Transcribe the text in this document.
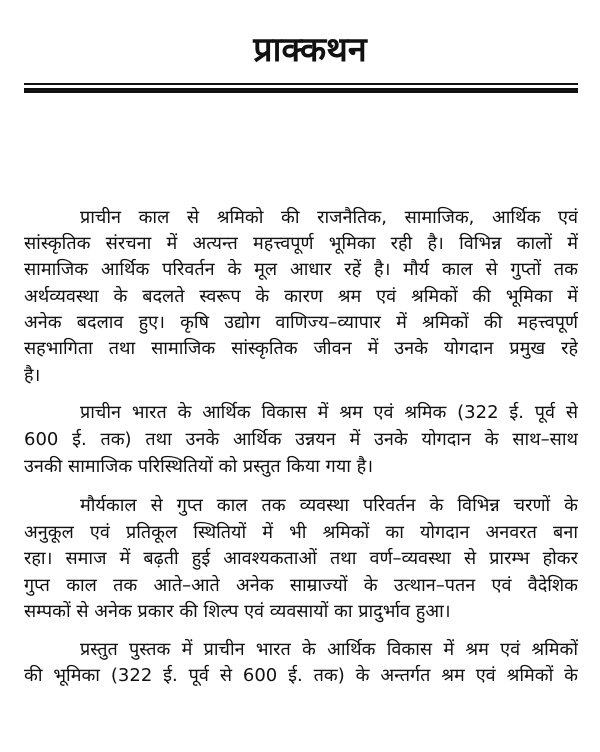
प्राक्कथन
प्राचीन काल से श्रमिको की राजनैतिक, सामाजिक, आर्थिक एवं
सांस्कृतिक संरचना में अत्यन्त महत्त्वपूर्ण भूमिका रही है। विभिन्न कालों में
सामाजिक आर्थिक परिवर्तन के मूल आधार रहें है। मौर्य काल से गुप्तों तक
अर्थव्यवस्था के बदलते स्वरूप के कारण श्रम एवं श्रमिकों की भूमिका में
अनेक बदलाव हुए। कृषि उद्योग वाणिज्य–व्यापार में श्रमिकों की महत्त्वपूर्ण
सहभागिता तथा सामाजिक सांस्कृतिक जीवन में उनके योगदान प्रमुख रहे
है।
प्राचीन भारत के आर्थिक विकास में श्रम एवं श्रमिक (322 ई. पूर्व से
600 ई. तक) तथा उनके आर्थिक उन्नयन में उनके योगदान के साथ–साथ
उनकी सामाजिक परिस्थितियों को प्रस्तुत किया गया है।
मौर्यकाल से गुप्त काल तक व्यवस्था परिवर्तन के विभिन्न चरणों के
अनुकूल एवं प्रतिकूल स्थितियों में भी श्रमिकों का योगदान अनवरत बना
रहा। समाज में बढ़ती हुई आवश्यकताओं तथा वर्ण–व्यवस्था से प्रारम्भ होकर
गुप्त काल तक आते–आते अनेक साम्राज्यों के उत्थान–पतन एवं वैदेशिक
सम्पकों से अनेक प्रकार की शिल्प एवं व्यवसायों का प्रादुर्भाव हुआ।
प्रस्तुत पुस्तक में प्राचीन भारत के आर्थिक विकास में श्रम एवं श्रमिकों
की भूमिका (322 ई. पूर्व से 600 ई. तक) के अन्तर्गत श्रम एवं श्रमिकों के
